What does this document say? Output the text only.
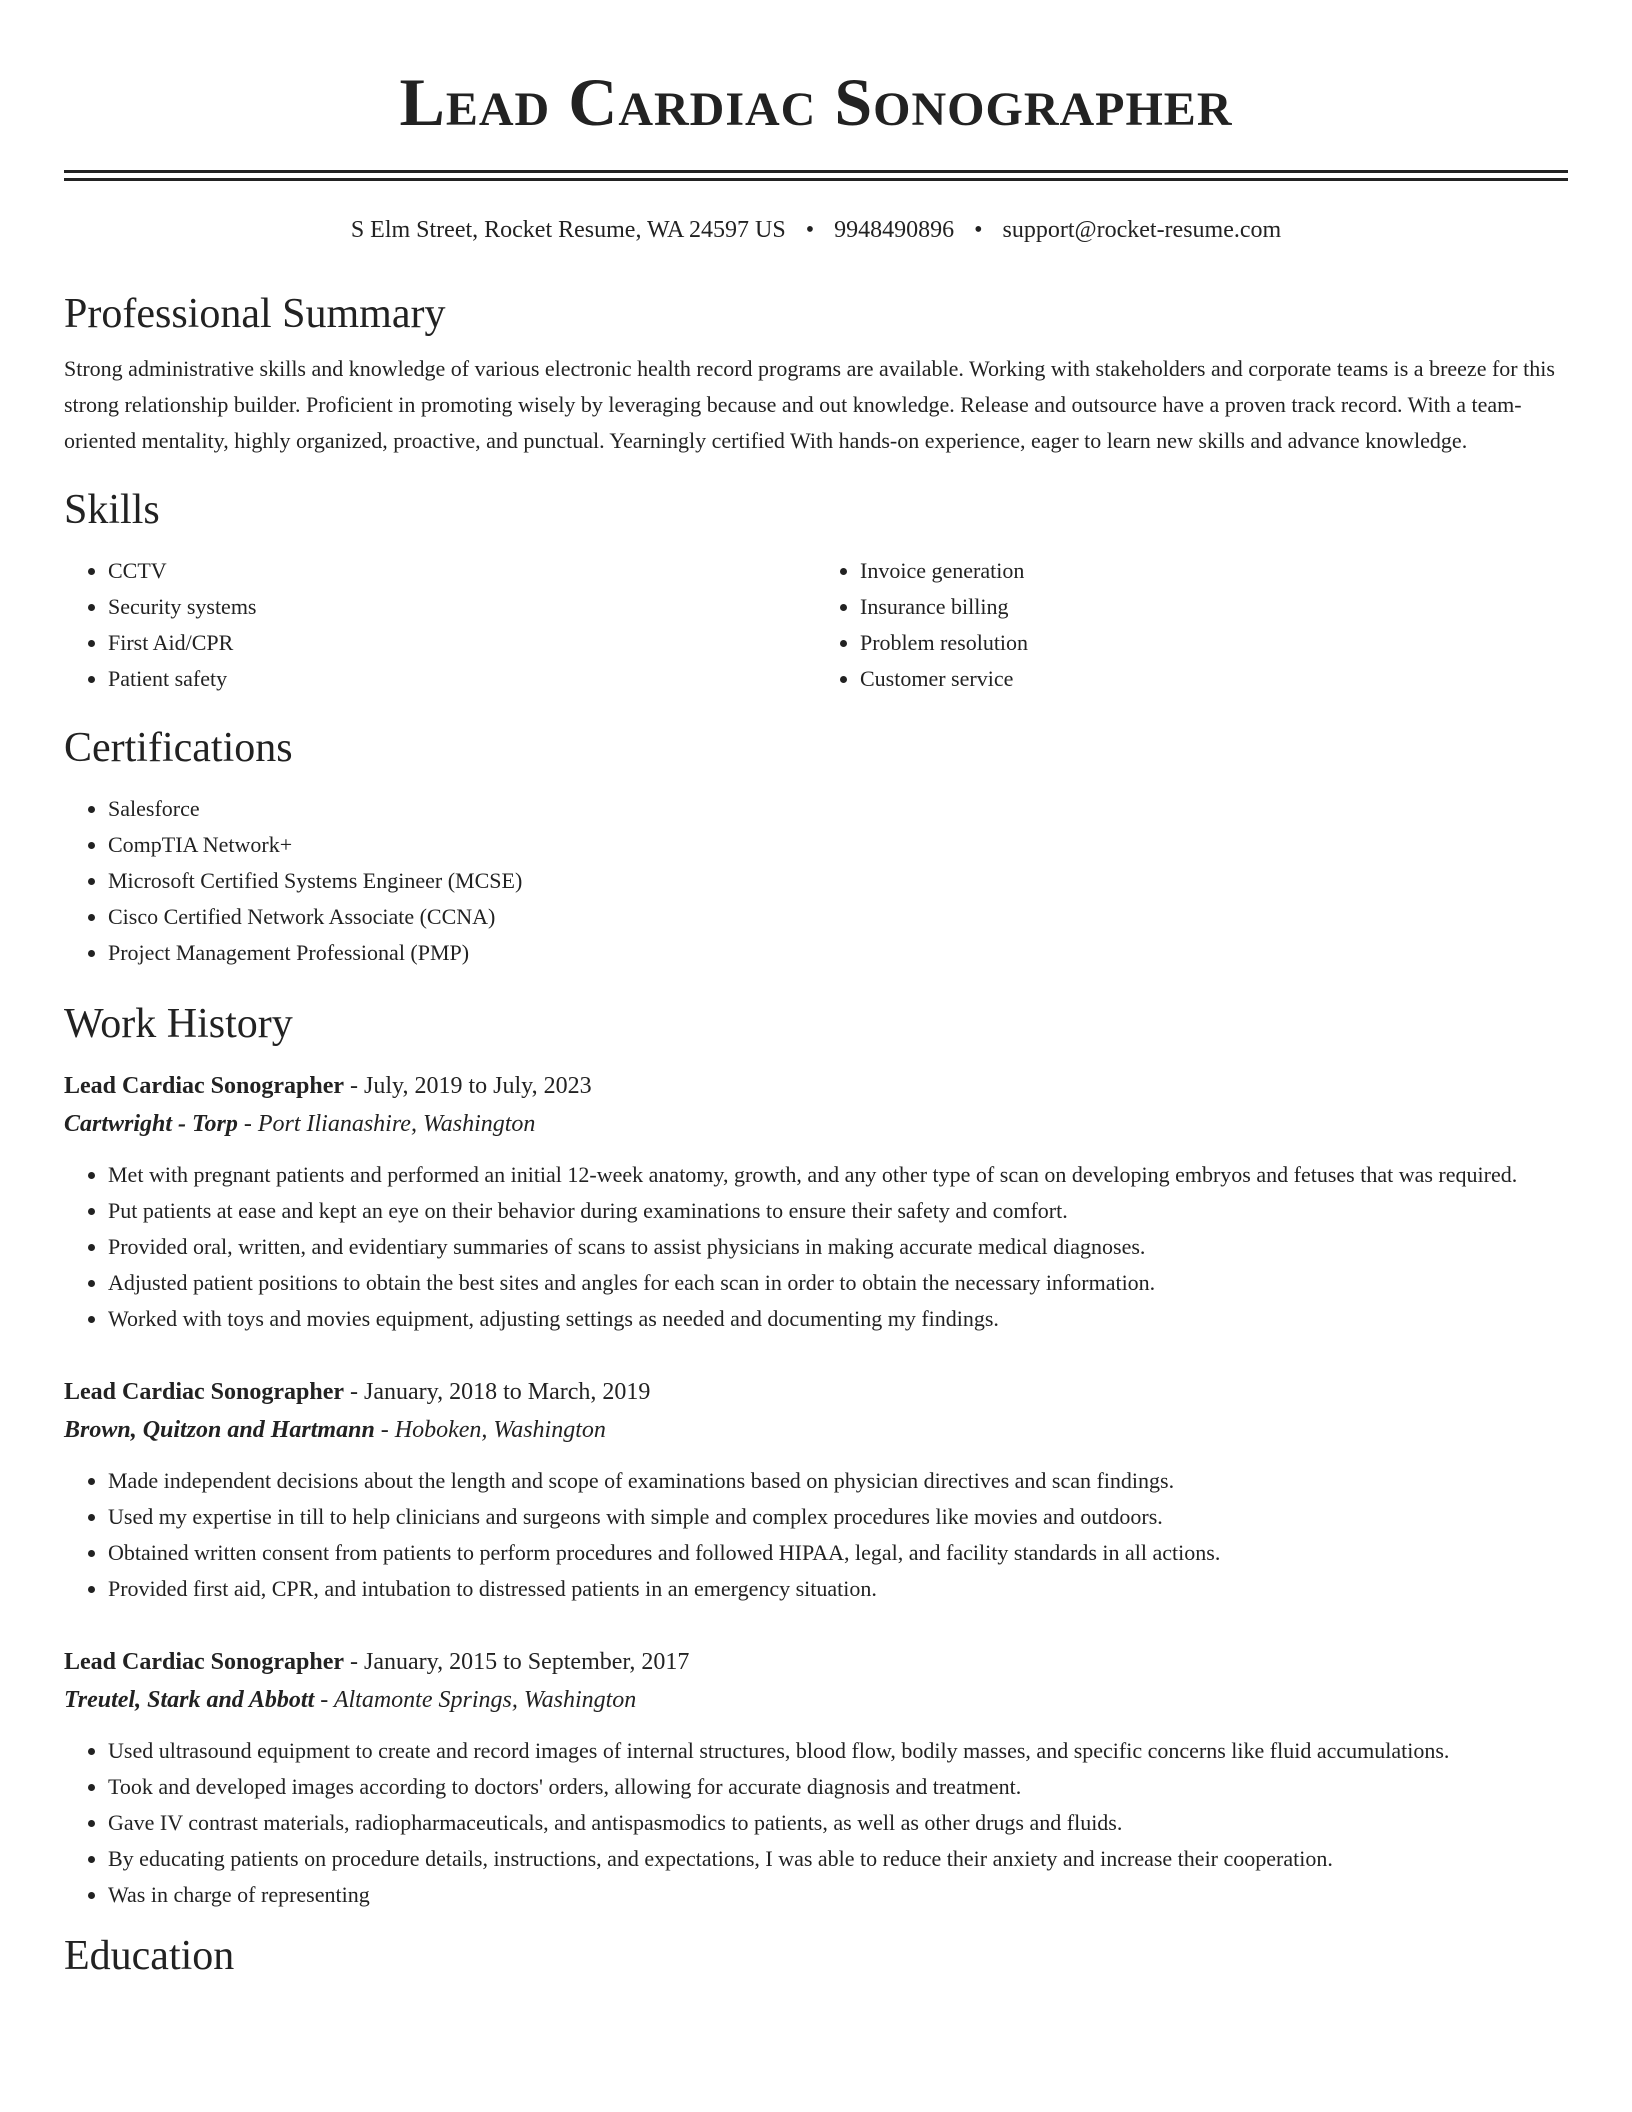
Lead Cardiac Sonographer
S Elm Street, Rocket Resume, WA 24597 US • 9948490896 • support@rocket-resume.com
Professional Summary

Strong administrative skills and knowledge of various electronic health record programs are available. Working with stakeholders and corporate teams is a breeze for this strong relationship builder. Proficient in promoting wisely by leveraging because and out knowledge. Release and outsource have a proven track record. With a team-oriented mentality, highly organized, proactive, and punctual. Yearningly certified With hands-on experience, eager to learn new skills and advance knowledge.

Skills
• CCTV
• Security systems
• First Aid/CPR
• Patient safety
• Invoice generation
• Insurance billing
• Problem resolution
• Customer service
Certifications
• Salesforce
• CompTIA Network+
• Microsoft Certified Systems Engineer (MCSE)
• Cisco Certified Network Associate (CCNA)
• Project Management Professional (PMP)
Work History
Lead Cardiac Sonographer - July, 2019 to July, 2023
Cartwright - Torp - Port Ilianashire, Washington
• Met with pregnant patients and performed an initial 12-week anatomy, growth, and any other type of scan on developing embryos and fetuses that was required.
• Put patients at ease and kept an eye on their behavior during examinations to ensure their safety and comfort.
• Provided oral, written, and evidentiary summaries of scans to assist physicians in making accurate medical diagnoses.
• Adjusted patient positions to obtain the best sites and angles for each scan in order to obtain the necessary information.
• Worked with toys and movies equipment, adjusting settings as needed and documenting my findings.
Lead Cardiac Sonographer - January, 2018 to March, 2019
Brown, Quitzon and Hartmann - Hoboken, Washington
• Made independent decisions about the length and scope of examinations based on physician directives and scan findings.
• Used my expertise in till to help clinicians and surgeons with simple and complex procedures like movies and outdoors.
• Obtained written consent from patients to perform procedures and followed HIPAA, legal, and facility standards in all actions.
• Provided first aid, CPR, and intubation to distressed patients in an emergency situation.
Lead Cardiac Sonographer - January, 2015 to September, 2017
Treutel, Stark and Abbott - Altamonte Springs, Washington
• Used ultrasound equipment to create and record images of internal structures, blood flow, bodily masses, and specific concerns like fluid accumulations.
• Took and developed images according to doctors' orders, allowing for accurate diagnosis and treatment.
• Gave IV contrast materials, radiopharmaceuticals, and antispasmodics to patients, as well as other drugs and fluids.
• By educating patients on procedure details, instructions, and expectations, I was able to reduce their anxiety and increase their cooperation.
• Was in charge of representing
Education
